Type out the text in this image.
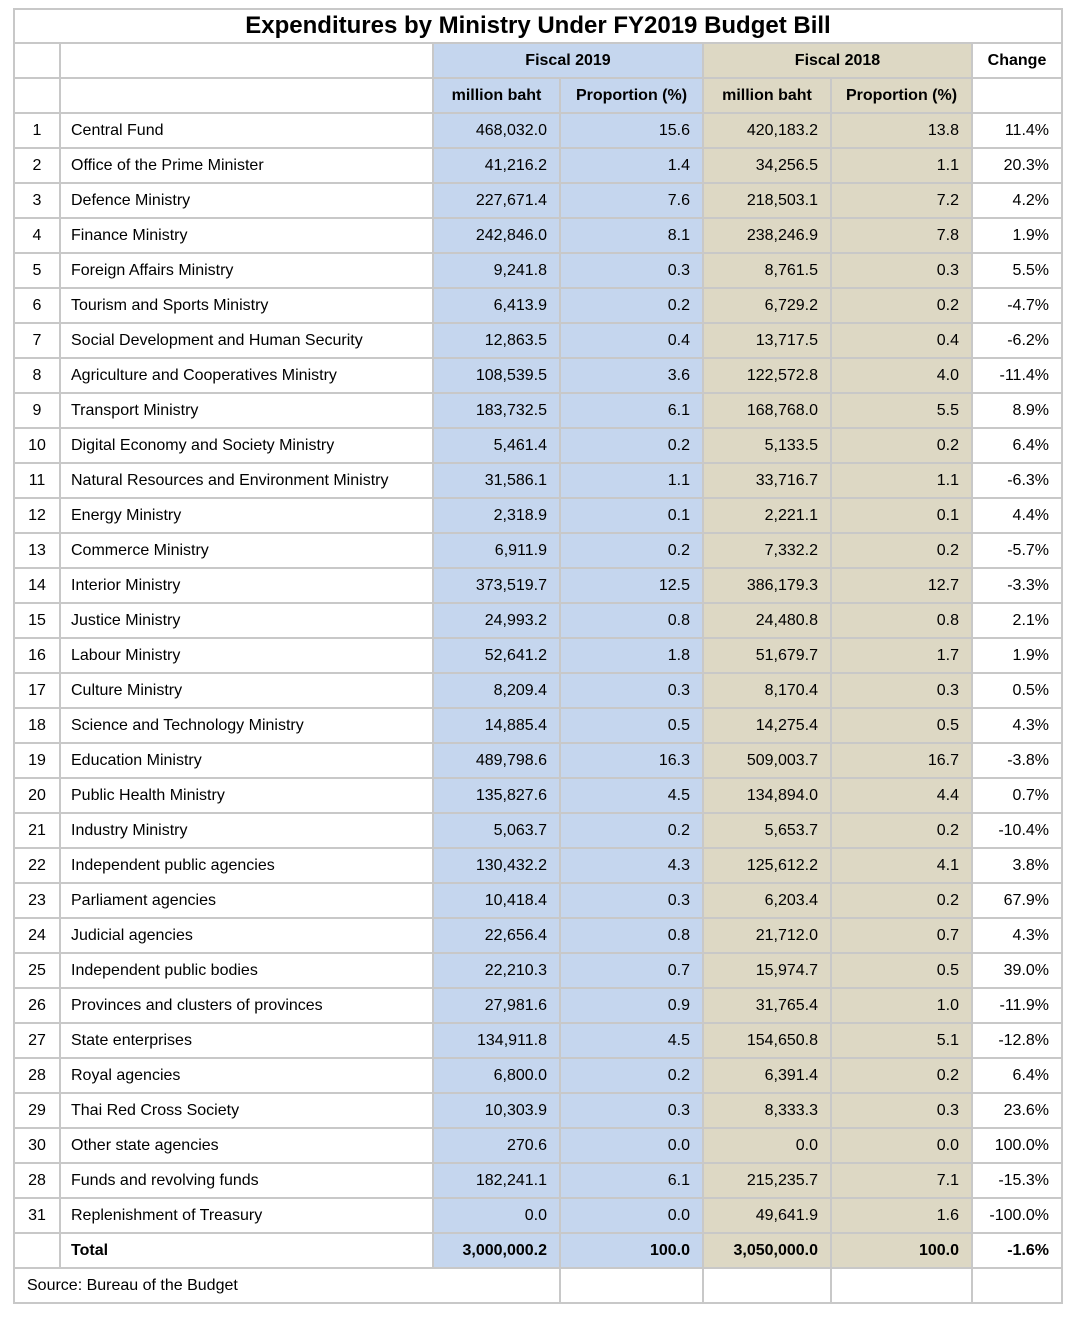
Expenditures by Ministry Under FY2019 Budget Bill						
		Fiscal 2019		Fiscal 2018		Change
		million baht	Proportion (%)	million baht	Proportion (%)	
1	Central Fund	468,032.0	15.6	420,183.2	13.8	11.4%
2	Office of the Prime Minister	41,216.2	1.4	34,256.5	1.1	20.3%
3	Defence Ministry	227,671.4	7.6	218,503.1	7.2	4.2%
4	Finance Ministry	242,846.0	8.1	238,246.9	7.8	1.9%
5	Foreign Affairs Ministry	9,241.8	0.3	8,761.5	0.3	5.5%
6	Tourism and Sports Ministry	6,413.9	0.2	6,729.2	0.2	-4.7%
7	Social Development and Human Security	12,863.5	0.4	13,717.5	0.4	-6.2%
8	Agriculture and Cooperatives Ministry	108,539.5	3.6	122,572.8	4.0	-11.4%
9	Transport Ministry	183,732.5	6.1	168,768.0	5.5	8.9%
10	Digital Economy and Society Ministry	5,461.4	0.2	5,133.5	0.2	6.4%
11	Natural Resources and Environment Ministry	31,586.1	1.1	33,716.7	1.1	-6.3%
12	Energy Ministry	2,318.9	0.1	2,221.1	0.1	4.4%
13	Commerce Ministry	6,911.9	0.2	7,332.2	0.2	-5.7%
14	Interior Ministry	373,519.7	12.5	386,179.3	12.7	-3.3%
15	Justice Ministry	24,993.2	0.8	24,480.8	0.8	2.1%
16	Labour Ministry	52,641.2	1.8	51,679.7	1.7	1.9%
17	Culture Ministry	8,209.4	0.3	8,170.4	0.3	0.5%
18	Science and Technology Ministry	14,885.4	0.5	14,275.4	0.5	4.3%
19	Education Ministry	489,798.6	16.3	509,003.7	16.7	-3.8%
20	Public Health Ministry	135,827.6	4.5	134,894.0	4.4	0.7%
21	Industry Ministry	5,063.7	0.2	5,653.7	0.2	-10.4%
22	Independent public agencies	130,432.2	4.3	125,612.2	4.1	3.8%
23	Parliament agencies	10,418.4	0.3	6,203.4	0.2	67.9%
24	Judicial agencies	22,656.4	0.8	21,712.0	0.7	4.3%
25	Independent public bodies	22,210.3	0.7	15,974.7	0.5	39.0%
26	Provinces and clusters of provinces	27,981.6	0.9	31,765.4	1.0	-11.9%
27	State enterprises	134,911.8	4.5	154,650.8	5.1	-12.8%
28	Royal agencies	6,800.0	0.2	6,391.4	0.2	6.4%
29	Thai Red Cross Society	10,303.9	0.3	8,333.3	0.3	23.6%
30	Other state agencies	270.6	0.0	0.0	0.0	100.0%
28	Funds and revolving funds	182,241.1	6.1	215,235.7	7.1	-15.3%
31	Replenishment of Treasury	0.0	0.0	49,641.9	1.6	-100.0%
	Total	3,000,000.2	100.0	3,050,000.0	100.0	-1.6%
Source: Bureau of the Budget						
